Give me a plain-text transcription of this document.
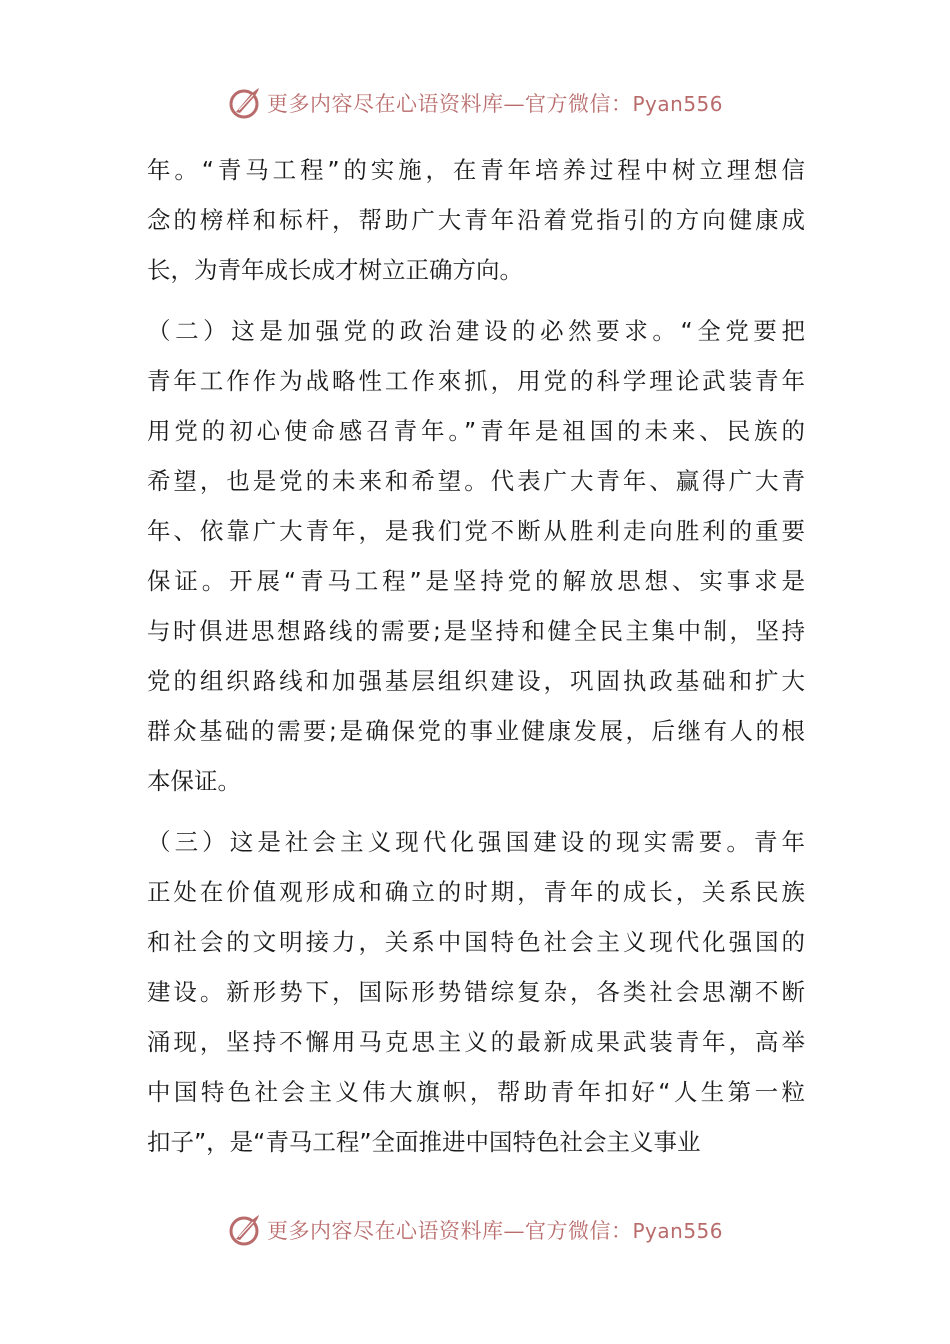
更多内容尽在心语资料库—官方微信：Pyan556
年。“青马工程”的实施，在青年培养过程中树立理想信
念的榜样和标杆，帮助广大青年沿着党指引的方向健康成
长，为青年成长成才树立正确方向。
（二）这是加强党的政治建设的必然要求。“全党要把
青年工作作为战略性工作來抓，用党的科学理论武装青年
用党的初心使命感召青年。”青年是祖国的未来、民族的
希望，也是党的未来和希望。代表广大青年、赢得广大青
年、依靠广大青年，是我们党不断从胜利走向胜利的重要
保证。开展“青马工程”是坚持党的解放思想、实事求是
与时俱进思想路线的需要;是坚持和健全民主集中制，坚持
党的组织路线和加强基层组织建设，巩固执政基础和扩大
群众基础的需要;是确保党的事业健康发展，后继有人的根
本保证。
（三）这是社会主义现代化强国建设的现实需要。青年
正处在价值观形成和确立的时期，青年的成长，关系民族
和社会的文明接力，关系中国特色社会主义现代化强国的
建设。新形势下，国际形势错综复杂，各类社会思潮不断
涌现，坚持不懈用马克思主义的最新成果武装青年，高举
中国特色社会主义伟大旗帜，帮助青年扣好“人生第一粒
扣子”，是“青马工程”全面推进中国特色社会主义事业
更多内容尽在心语资料库—官方微信：Pyan556
